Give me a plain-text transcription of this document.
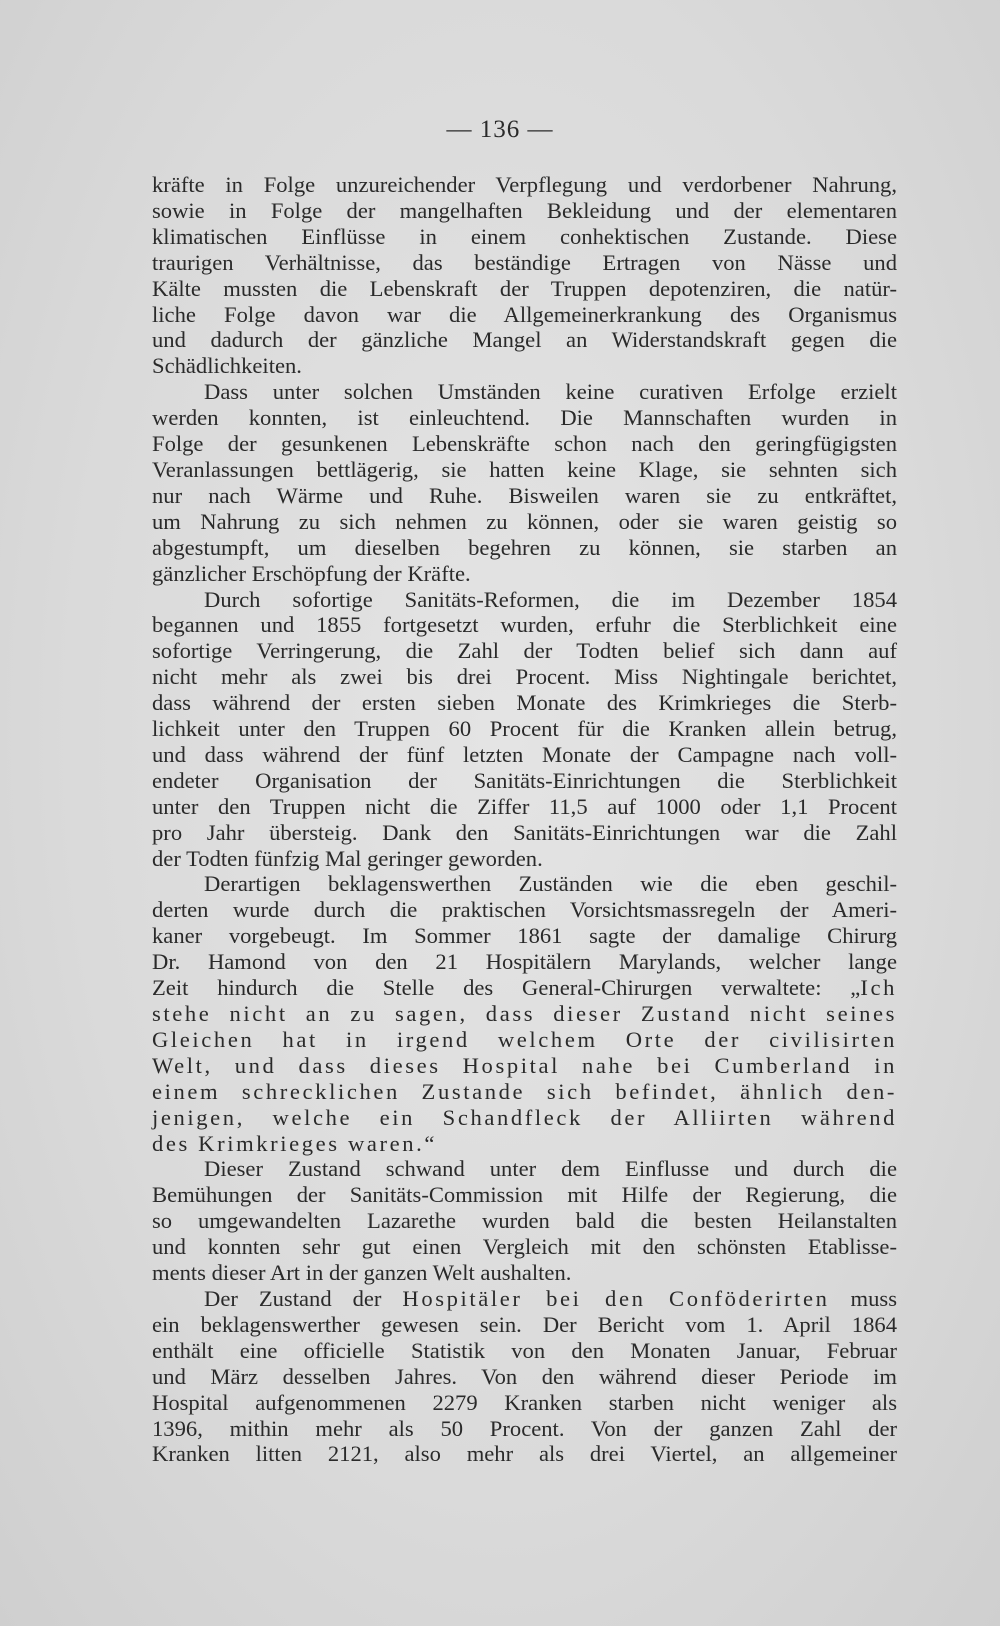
— 136 —

kräfte in Folge unzureichender Verpflegung und verdorbener Nahrung,
sowie in Folge der mangelhaften Bekleidung und der elementaren
klimatischen Einflüsse in einem conhektischen Zustande. Diese
traurigen Verhältnisse, das beständige Ertragen von Nässe und
Kälte mussten die Lebenskraft der Truppen depotenziren, die natür-
liche Folge davon war die Allgemeinerkrankung des Organismus
und dadurch der gänzliche Mangel an Widerstandskraft gegen die
Schädlichkeiten.

Dass unter solchen Umständen keine curativen Erfolge erzielt
werden konnten, ist einleuchtend. Die Mannschaften wurden in
Folge der gesunkenen Lebenskräfte schon nach den geringfügigsten
Veranlassungen bettlägerig, sie hatten keine Klage, sie sehnten sich
nur nach Wärme und Ruhe. Bisweilen waren sie zu entkräftet,
um Nahrung zu sich nehmen zu können, oder sie waren geistig so
abgestumpft, um dieselben begehren zu können, sie starben an
gänzlicher Erschöpfung der Kräfte.

Durch sofortige Sanitäts-Reformen, die im Dezember 1854
begannen und 1855 fortgesetzt wurden, erfuhr die Sterblichkeit eine
sofortige Verringerung, die Zahl der Todten belief sich dann auf
nicht mehr als zwei bis drei Procent. Miss Nightingale berichtet,
dass während der ersten sieben Monate des Krimkrieges die Sterb-
lichkeit unter den Truppen 60 Procent für die Kranken allein betrug,
und dass während der fünf letzten Monate der Campagne nach voll-
endeter Organisation der Sanitäts-Einrichtungen die Sterblichkeit
unter den Truppen nicht die Ziffer 11,5 auf 1000 oder 1,1 Procent
pro Jahr übersteig. Dank den Sanitäts-Einrichtungen war die Zahl
der Todten fünfzig Mal geringer geworden.

Derartigen beklagenswerthen Zuständen wie die eben geschil-
derten wurde durch die praktischen Vorsichtsmassregeln der Ameri-
kaner vorgebeugt. Im Sommer 1861 sagte der damalige Chirurg
Dr. Hamond von den 21 Hospitälern Marylands, welcher lange
Zeit hindurch die Stelle des General-Chirurgen verwaltete: „Ich
stehe nicht an zu sagen, dass dieser Zustand nicht seines
Gleichen hat in irgend welchem Orte der civilisirten
Welt, und dass dieses Hospital nahe bei Cumberland in
einem schrecklichen Zustande sich befindet, ähnlich den-
jenigen, welche ein Schandfleck der Alliirten während
des Krimkrieges waren.“

Dieser Zustand schwand unter dem Einflusse und durch die
Bemühungen der Sanitäts-Commission mit Hilfe der Regierung, die
so umgewandelten Lazarethe wurden bald die besten Heilanstalten
und konnten sehr gut einen Vergleich mit den schönsten Etablisse-
ments dieser Art in der ganzen Welt aushalten.

Der Zustand der Hospitäler bei den Conföderirten muss
ein beklagenswerther gewesen sein. Der Bericht vom 1. April 1864
enthält eine officielle Statistik von den Monaten Januar, Februar
und März desselben Jahres. Von den während dieser Periode im
Hospital aufgenommenen 2279 Kranken starben nicht weniger als
1396, mithin mehr als 50 Procent. Von der ganzen Zahl der
Kranken litten 2121, also mehr als drei Viertel, an allgemeiner
